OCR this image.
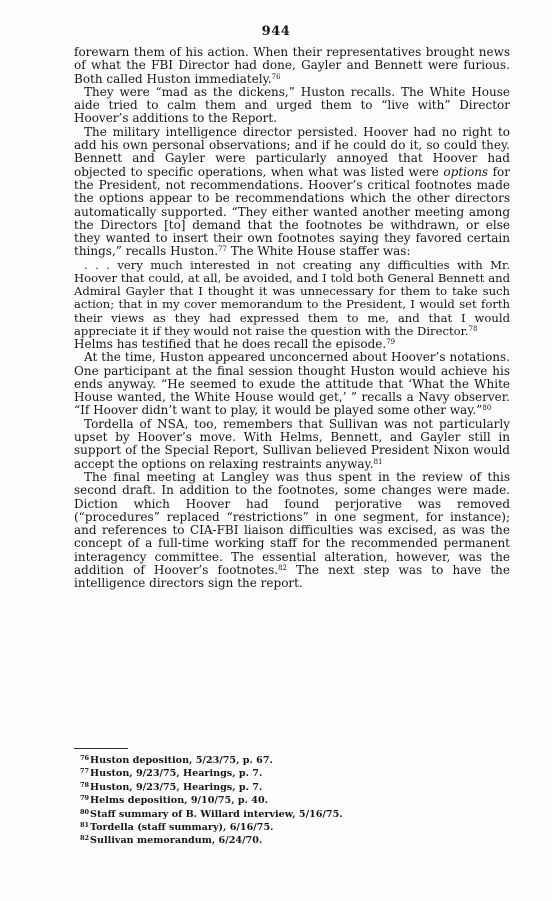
944

forewarn them of his action. When their representatives brought news of what the FBI Director had done, Gayler and Bennett were furious. Both called Huston immediately.$^{76}$

They were “mad as the dickens,” Huston recalls. The White House aide tried to calm them and urged them to “live with” Director Hoover’s additions to the Report.

The military intelligence director persisted. Hoover had no right to add his own personal observations; and if he could do it, so could they. Bennett and Gayler were particularly annoyed that Hoover had objected to specific operations, when what was listed were options for the President, not recommendations. Hoover’s critical footnotes made the options appear to be recommendations which the other directors automatically supported. “They either wanted another meeting among the Directors [to] demand that the footnotes be withdrawn, or else they wanted to insert their own footnotes saying they favored certain things,” recalls Huston.$^{77}$ The White House staffer was:

. . . very much interested in not creating any difficulties with Mr. Hoover that could, at all, be avoided, and I told both General Bennett and Admiral Gayler that I thought it was unnecessary for them to take such action; that in my cover memorandum to the President, I would set forth their views as they had expressed them to me, and that I would appreciate it if they would not raise the question with the Director.$^{78}$

Helms has testified that he does recall the episode.$^{79}$

At the time, Huston appeared unconcerned about Hoover’s notations. One participant at the final session thought Huston would achieve his ends anyway. “He seemed to exude the attitude that ‘What the White House wanted, the White House would get,’ ” recalls a Navy observer. “If Hoover didn’t want to play, it would be played some other way.”$^{80}$

Tordella of NSA, too, remembers that Sullivan was not particularly upset by Hoover’s move. With Helms, Bennett, and Gayler still in support of the Special Report, Sullivan believed President Nixon would accept the options on relaxing restraints anyway.$^{81}$

The final meeting at Langley was thus spent in the review of this second draft. In addition to the footnotes, some changes were made. Diction which Hoover had found perjorative was removed (“procedures” replaced “restrictions” in one segment, for instance); and references to CIA-FBI liaison difficulties was excised, as was the concept of a full-time working staff for the recommended permanent interagency committee. The essential alteration, however, was the addition of Hoover’s footnotes.$^{82}$ The next step was to have the intelligence directors sign the report.

$^{76}$Huston deposition, 5/23/75, p. 67.
$^{77}$Huston, 9/23/75, Hearings, p. 7.
$^{78}$Huston, 9/23/75, Hearings, p. 7.
$^{79}$Helms deposition, 9/10/75, p. 40.
$^{80}$Staff summary of B. Willard interview, 5/16/75.
$^{81}$Tordella (staff summary), 6/16/75.
$^{82}$Sullivan memorandum, 6/24/70.
